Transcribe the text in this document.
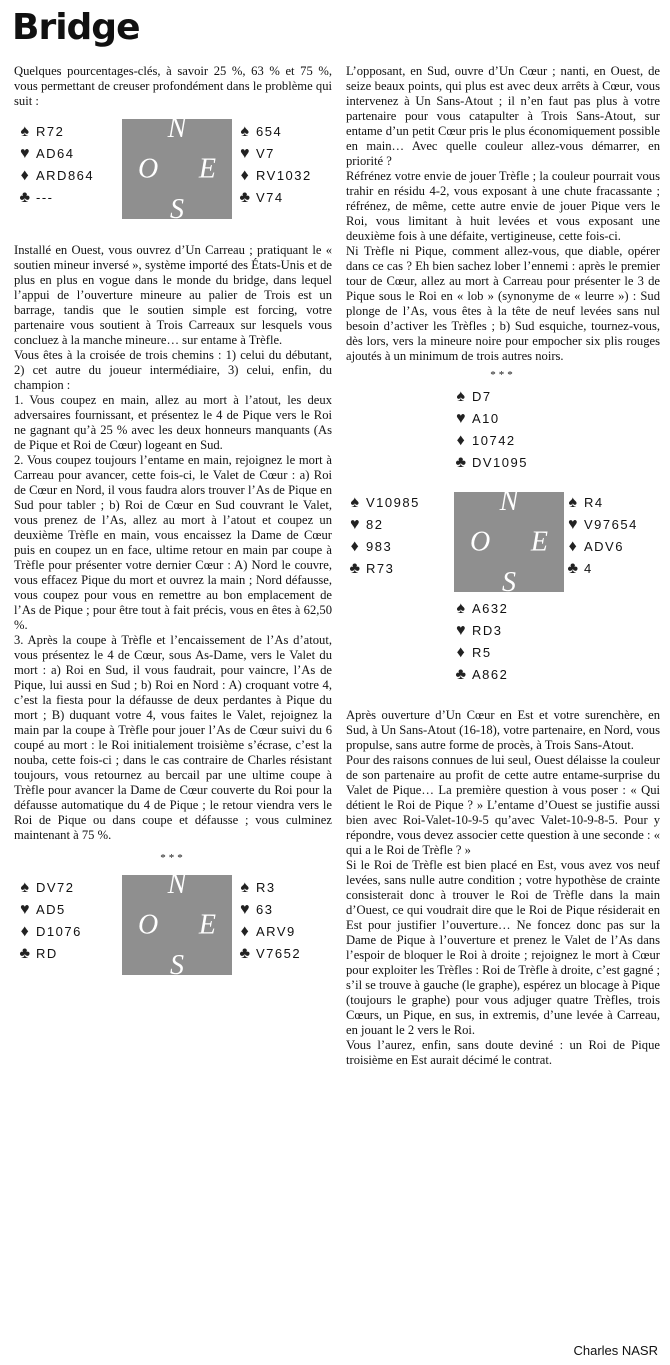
Bridge

Quelques pourcentages-clés, à savoir 25 %, 63 % et 75 %, vous permettant de creuser profondément dans le problème qui suit :

♠ R72
♥ AD64
♦ ARD864
♣ ---
N
O E
S
♠ 654
♥ V7
♦ RV1032
♣ V74

Installé en Ouest, vous ouvrez d’Un Carreau ; pratiquant le « soutien mineur inversé », système importé des États-Unis et de plus en plus en vogue dans le monde du bridge, dans lequel l’appui de l’ouverture mineure au palier de Trois est un barrage, tandis que le soutien simple est forcing, votre partenaire vous soutient à Trois Carreaux sur lesquels vous concluez à la manche mineure… sur entame à Trèfle.

Vous êtes à la croisée de trois chemins : 1) celui du débutant, 2) cet autre du joueur intermédiaire, 3) celui, enfin, du champion :

1. Vous coupez en main, allez au mort à l’atout, les deux adversaires fournissant, et présentez le 4 de Pique vers le Roi ne gagnant qu’à 25 % avec les deux honneurs manquants (As de Pique et Roi de Cœur) logeant en Sud.

2. Vous coupez toujours l’entame en main, rejoignez le mort à Carreau pour avancer, cette fois-ci, le Valet de Cœur : a) Roi de Cœur en Nord, il vous faudra alors trouver l’As de Pique en Sud pour tabler ; b) Roi de Cœur en Sud couvrant le Valet, vous prenez de l’As, allez au mort à l’atout et coupez un deuxième Trèfle en main, vous encaissez la Dame de Cœur puis en coupez un en face, ultime retour en main par coupe à Trèfle pour présenter votre dernier Cœur : A) Nord le couvre, vous effacez Pique du mort et ouvrez la main ; Nord défausse, vous coupez pour vous en remettre au bon emplacement de l’As de Pique ; pour être tout à fait précis, vous en êtes à 62,50 %.

3. Après la coupe à Trèfle et l’encaissement de l’As d’atout, vous présentez le 4 de Cœur, sous As-Dame, vers le Valet du mort : a) Roi en Sud, il vous faudrait, pour vaincre, l’As de Pique, lui aussi en Sud ; b) Roi en Nord : A) croquant votre 4, c’est la fiesta pour la défausse de deux perdantes à Pique du mort ; B) duquant votre 4, vous faites le Valet, rejoignez la main par la coupe à Trèfle pour jouer l’As de Cœur suivi du 6 coupé au mort : le Roi initialement troisième s’écrase, c’est la nouba, cette fois-ci ; dans le cas contraire de Charles résistant toujours, vous retournez au bercail par une ultime coupe à Trèfle pour avancer la Dame de Cœur couverte du Roi pour la défausse automatique du 4 de Pique ; le retour viendra vers le Roi de Pique ou dans coupe et défausse ; vous culminez maintenant à 75 %.

***
♠ DV72
♥ AD5
♦ D1076
♣ RD
N
O E
S
♠ R3
♥ 63
♦ ARV9
♣ V7652

L’opposant, en Sud, ouvre d’Un Cœur ; nanti, en Ouest, de seize beaux points, qui plus est avec deux arrêts à Cœur, vous intervenez à Un Sans-Atout ; il n’en faut pas plus à votre partenaire pour vous catapulter à Trois Sans-Atout, sur entame d’un petit Cœur pris le plus économiquement possible en main… Avec quelle couleur allez-vous démarrer, en priorité ?

Réfrénez votre envie de jouer Trèfle ; la couleur pourrait vous trahir en résidu 4-2, vous exposant à une chute fracassante ; réfrénez, de même, cette autre envie de jouer Pique vers le Roi, vous limitant à huit levées et vous exposant une deuxième fois à une défaite, vertigineuse, cette fois-ci.

Ni Trèfle ni Pique, comment allez-vous, que diable, opérer dans ce cas ? Eh bien sachez lober l’ennemi : après le premier tour de Cœur, allez au mort à Carreau pour présenter le 3 de Pique sous le Roi en « lob » (synonyme de « leurre ») : Sud plonge de l’As, vous êtes à la tête de neuf levées sans nul besoin d’activer les Trèfles ; b) Sud esquiche, tournez-vous, dès lors, vers la mineure noire pour empocher six plis rouges ajoutés à un minimum de trois autres noirs.

***
♠ D7
♥ A10
♦ 10742
♣ DV1095
♠ V10985
♥ 82
♦ 983
♣ R73
N
O E
S
♠ R4
♥ V97654
♦ ADV6
♣ 4
♠ A632
♥ RD3
♦ R5
♣ A862

Après ouverture d’Un Cœur en Est et votre surenchère, en Sud, à Un Sans-Atout (16-18), votre partenaire, en Nord, vous propulse, sans autre forme de procès, à Trois Sans-Atout.

Pour des raisons connues de lui seul, Ouest délaisse la couleur de son partenaire au profit de cette autre entame-surprise du Valet de Pique… La première question à vous poser : « Qui détient le Roi de Pique ? » L’entame d’Ouest se justifie aussi bien avec Roi-Valet-10-9-5 qu’avec Valet-10-9-8-5. Pour y répondre, vous devez associer cette question à une seconde : « qui a le Roi de Trèfle ? »

Si le Roi de Trèfle est bien placé en Est, vous avez vos neuf levées, sans nulle autre condition ; votre hypothèse de crainte consisterait donc à trouver le Roi de Trèfle dans la main d’Ouest, ce qui voudrait dire que le Roi de Pique résiderait en Est pour justifier l’ouverture… Ne foncez donc pas sur la Dame de Pique à l’ouverture et prenez le Valet de l’As dans l’espoir de bloquer le Roi à droite ; rejoignez le mort à Cœur pour exploiter les Trèfles : Roi de Trèfle à droite, c’est gagné ; s’il se trouve à gauche (le graphe), espérez un blocage à Pique (toujours le graphe) pour vous adjuger quatre Trèfles, trois Cœurs, un Pique, en sus, in extremis, d’une levée à Carreau, en jouant le 2 vers le Roi.

Vous l’aurez, enfin, sans doute deviné : un Roi de Pique troisième en Est aurait décimé le contrat.

Charles NASR
